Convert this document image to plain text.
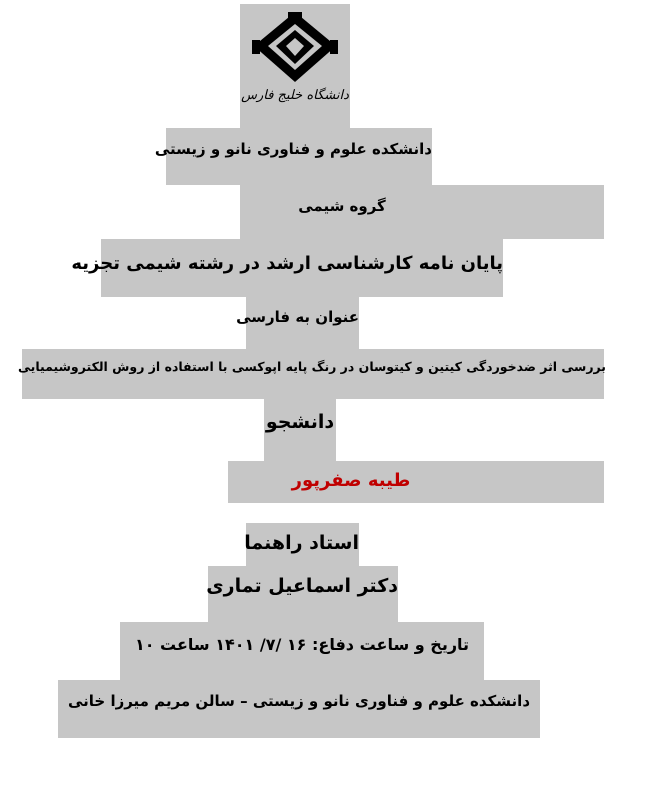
دانشگاه خلیج فارس
دانشکده علوم و فناوری نانو و زیستی
گروه شیمی
پایان نامه کارشناسی ارشد در رشته شیمی تجزیه
عنوان به فارسی
بررسی اثر ضدخوردگی کیتین و کیتوسان در رنگ پایه اپوکسی با استفاده از روش الکتروشیمیایی
دانشجو
طیبه صفرپور
استاد راهنما
دکتر اسماعیل تماری
تاریخ و ساعت دفاع: ۱۶ /۷/ ۱۴۰۱ ساعت ۱۰
دانشکده علوم و فناوری نانو و زیستی – سالن مریم میرزا خانی
